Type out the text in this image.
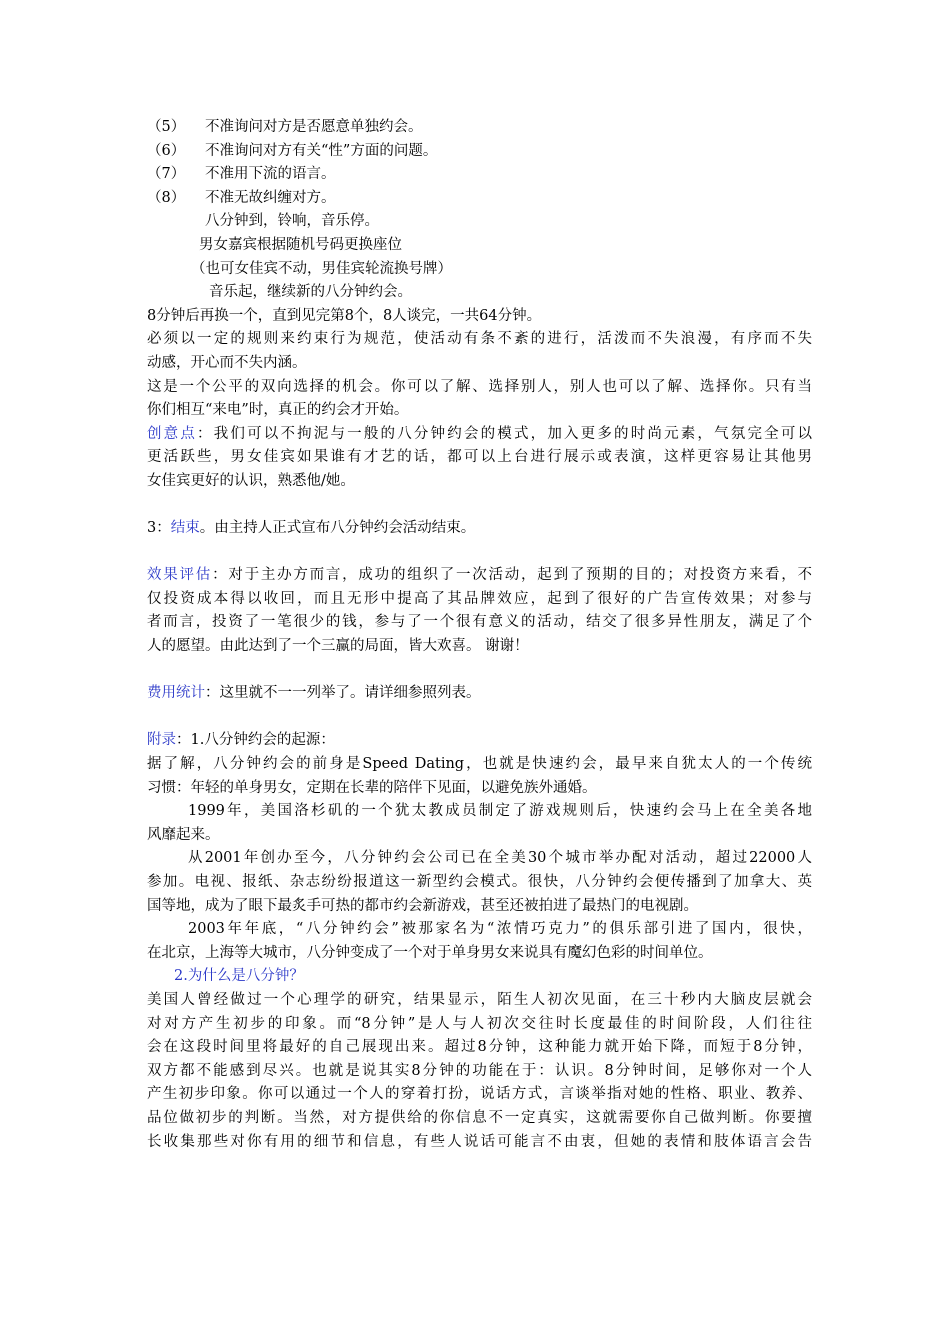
（5） 不准询问对方是否愿意单独约会。
（6） 不准询问对方有关“性”方面的问题。
（7） 不准用下流的语言。
（8） 不准无故纠缠对方。
八分钟到，铃响，音乐停。
男女嘉宾根据随机号码更换座位
（也可女佳宾不动，男佳宾轮流换号牌）
音乐起，继续新的八分钟约会。
8分钟后再换一个，直到见完第8个，8人谈完，一共64分钟。
必须以一定的规则来约束行为规范，使活动有条不紊的进行，活泼而不失浪漫，有序而不失
动感，开心而不失内涵。
这是一个公平的双向选择的机会。你可以了解、选择别人，别人也可以了解、选择你。只有当
你们相互“来电”时，真正的约会才开始。
创意点：我们可以不拘泥与一般的八分钟约会的模式，加入更多的时尚元素，气氛完全可以
更活跃些，男女佳宾如果谁有才艺的话，都可以上台进行展示或表演，这样更容易让其他男
女佳宾更好的认识，熟悉他/她。
3：结束。由主持人正式宣布八分钟约会活动结束。
效果评估：对于主办方而言，成功的组织了一次活动，起到了预期的目的；对投资方来看，不
仅投资成本得以收回，而且无形中提高了其品牌效应，起到了很好的广告宣传效果；对参与
者而言，投资了一笔很少的钱，参与了一个很有意义的活动，结交了很多异性朋友，满足了个
人的愿望。由此达到了一个三赢的局面，皆大欢喜。 谢谢！
费用统计：这里就不一一列举了。请详细参照列表。
附录：1.八分钟约会的起源：
据了解，八分钟约会的前身是Speed Dating，也就是快速约会，最早来自犹太人的一个传统
习惯：年轻的单身男女，定期在长辈的陪伴下见面，以避免族外通婚。
1999年，美国洛杉矶的一个犹太教成员制定了游戏规则后，快速约会马上在全美各地
风靡起来。
从2001年创办至今，八分钟约会公司已在全美30个城市举办配对活动，超过22000人
参加。电视、报纸、杂志纷纷报道这一新型约会模式。很快，八分钟约会便传播到了加拿大、英
国等地，成为了眼下最炙手可热的都市约会新游戏，甚至还被拍进了最热门的电视剧。
2003年年底，“八分钟约会”被那家名为“浓情巧克力”的俱乐部引进了国内，很快，
在北京，上海等大城市，八分钟变成了一个对于单身男女来说具有魔幻色彩的时间单位。
2.为什么是八分钟？
美国人曾经做过一个心理学的研究，结果显示，陌生人初次见面，在三十秒内大脑皮层就会
对对方产生初步的印象。而“8分钟”是人与人初次交往时长度最佳的时间阶段，人们往往
会在这段时间里将最好的自己展现出来。超过8分钟，这种能力就开始下降，而短于8分钟，
双方都不能感到尽兴。也就是说其实8分钟的功能在于：认识。8分钟时间，足够你对一个人
产生初步印象。你可以通过一个人的穿着打扮，说话方式，言谈举指对她的性格、职业、教养、
品位做初步的判断。当然，对方提供给的你信息不一定真实，这就需要你自己做判断。你要擅
长收集那些对你有用的细节和信息，有些人说话可能言不由衷，但她的表情和肢体语言会告
